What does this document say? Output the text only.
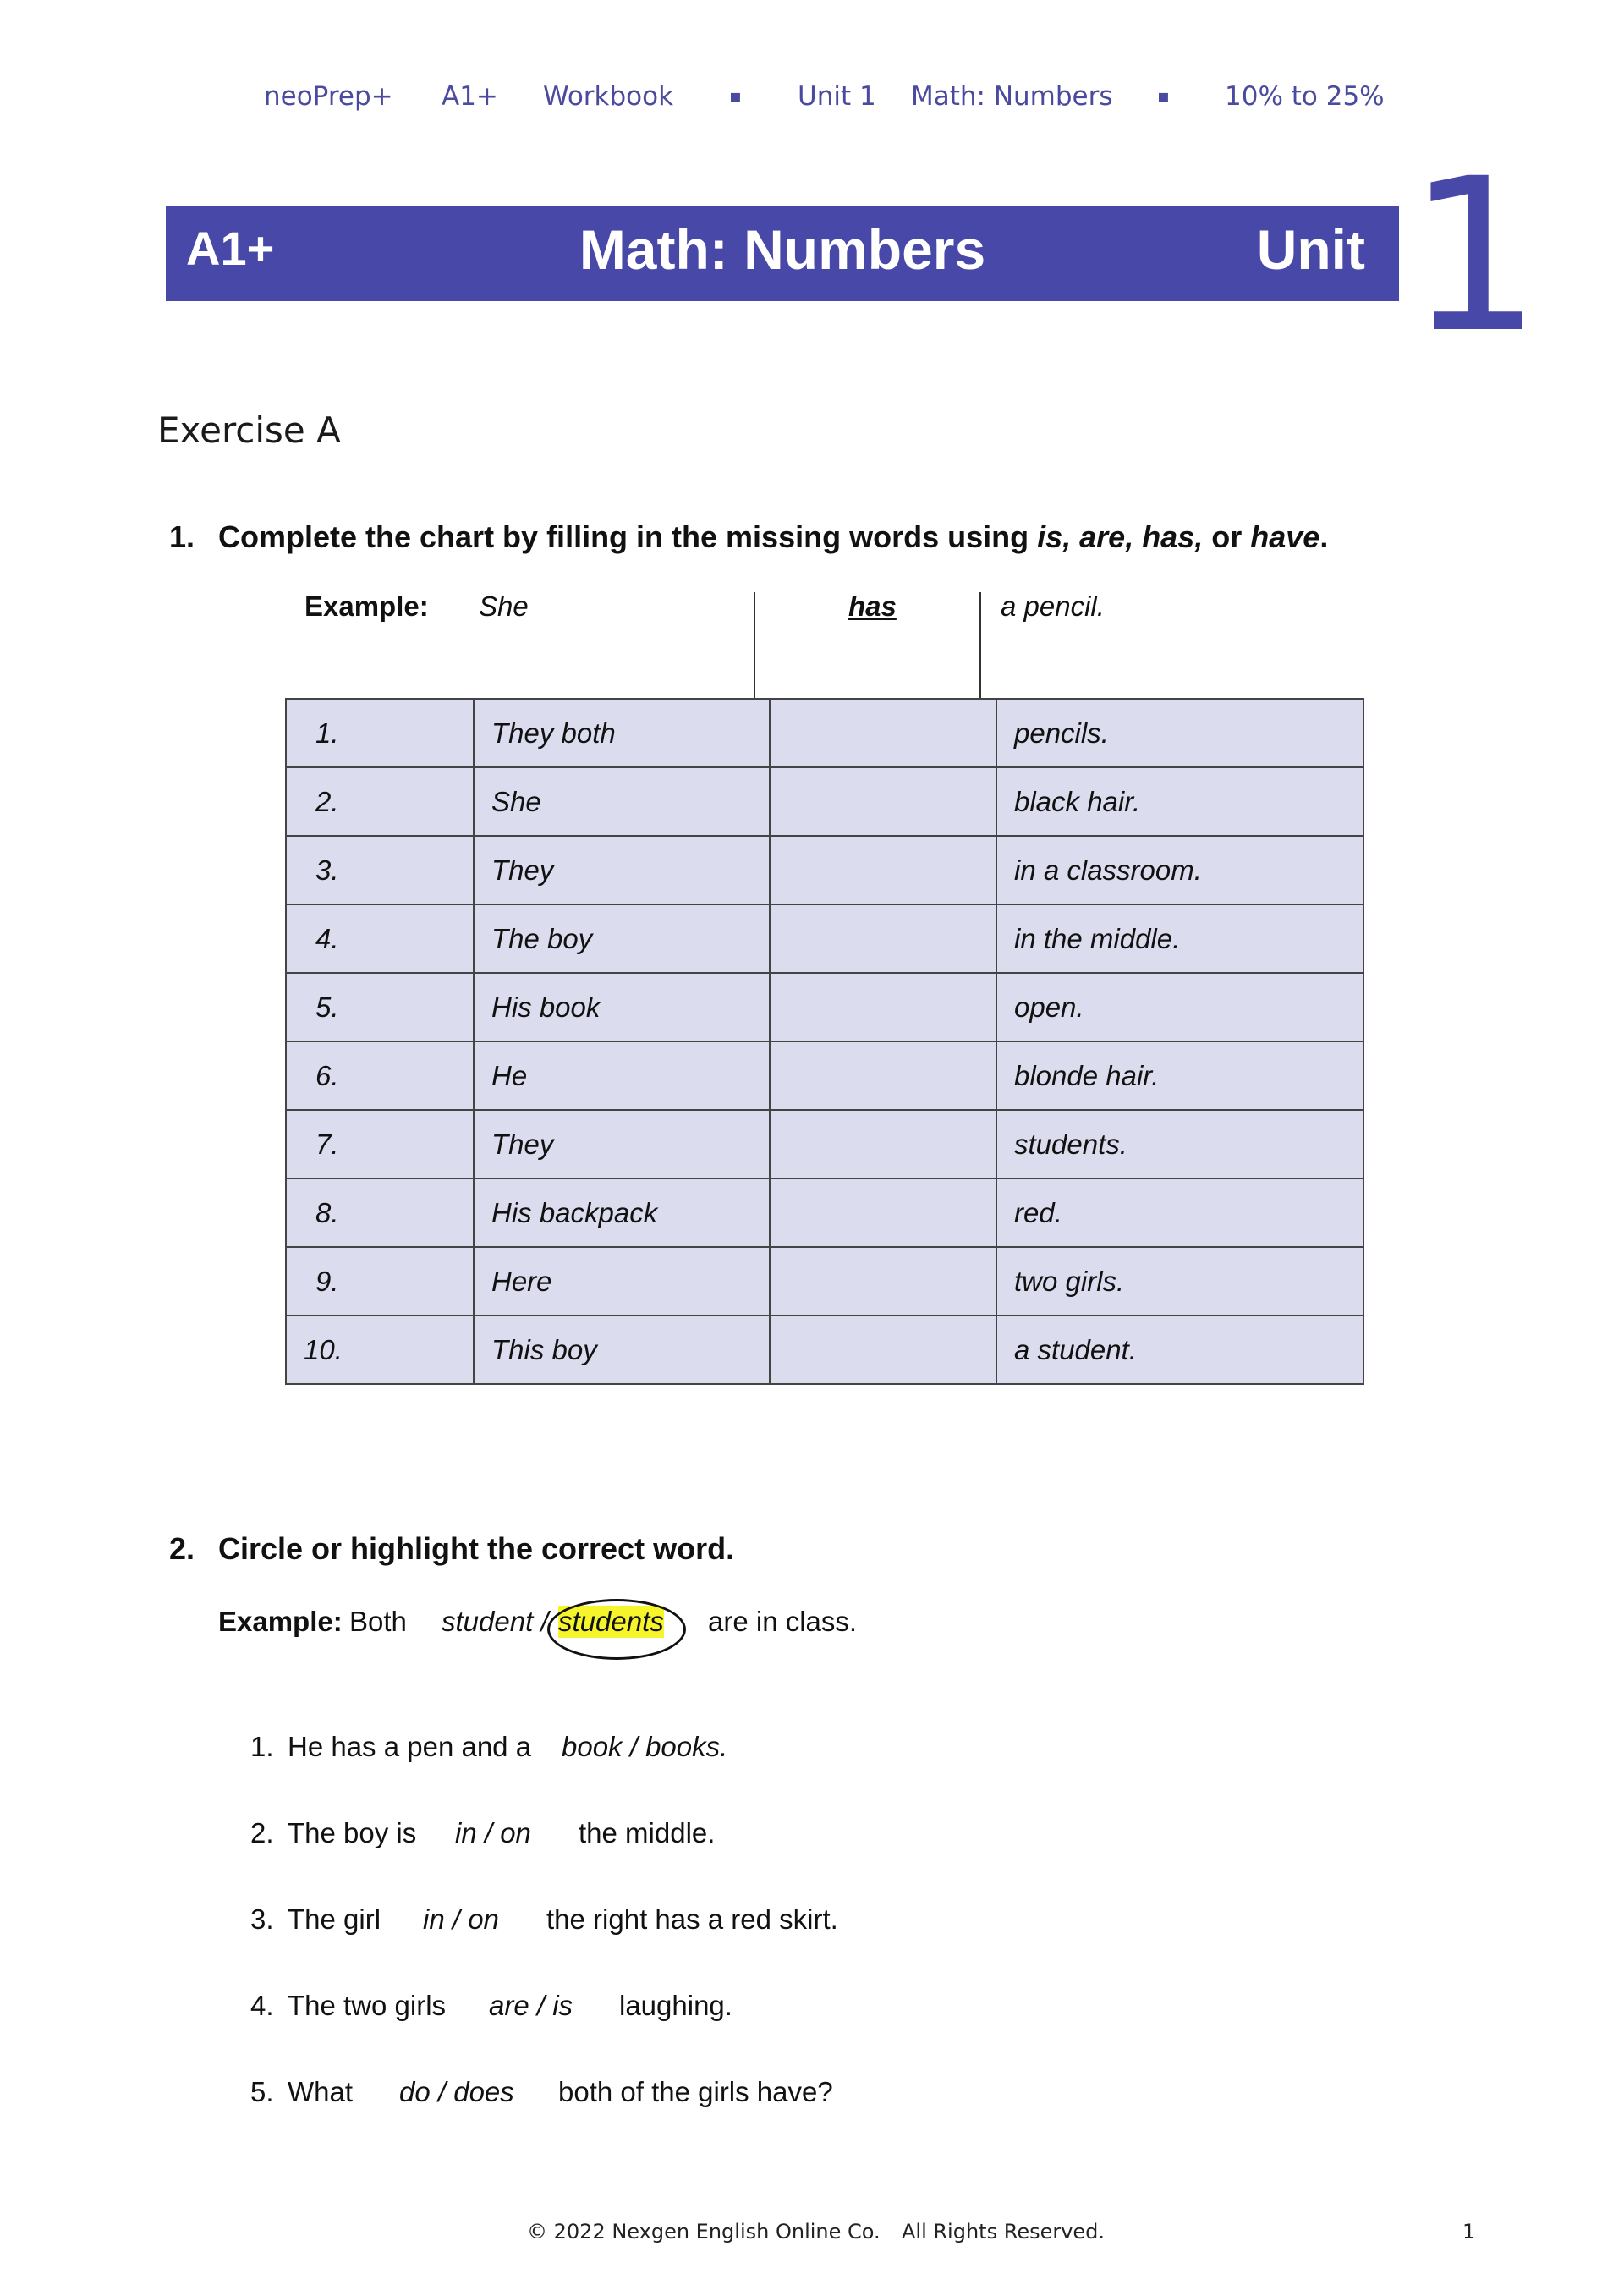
neoPrep+ A1+ Workbook	▪ Unit 1 Math: Numbers ▪ 10% to 25%
A1+	Math: Numbers	Unit 1
Exercise A
1. Complete the chart by filling in the missing words using is, are, has, or have.
Example: She	has	a pencil.
1.	They both		pencils.
2.	She		black hair.
3.	They		in a classroom.
4.	The boy		in the middle.
5.	His book		open.
6.	He		blonde hair.
7.	They		students.
8.	His backpack		red.
9.	Here		two girls.
10.	This boy		a student.
2. Circle or highlight the correct word.
Example: Both student / students are in class.
1. He has a pen and a book / books.
2. The boy is in / on the middle.
3. The girl in / on the right has a red skirt.
4. The two girls are / is laughing.
5. What do / does both of the girls have?
© 2022 Nexgen English Online Co. All Rights Reserved.	1
